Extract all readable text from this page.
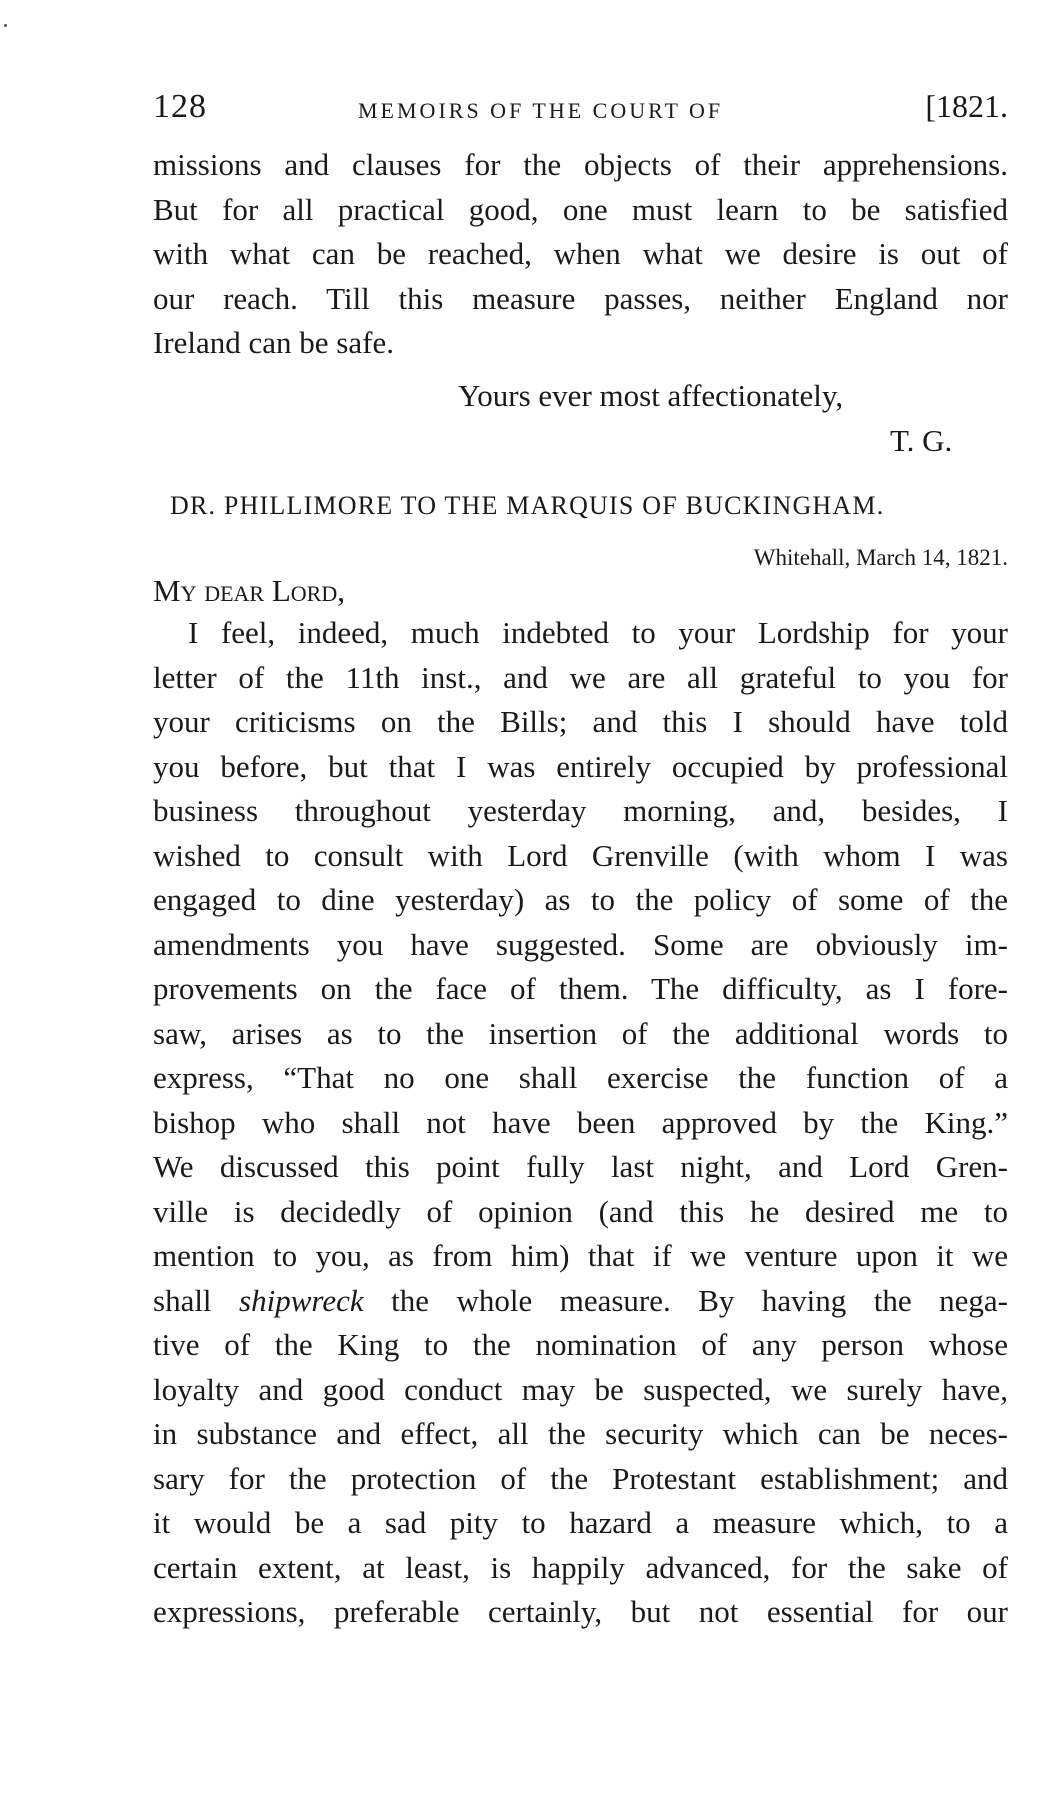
128	MEMOIRS OF THE COURT OF	[1821.
missions and clauses for the objects of their apprehensions.
But for all practical good, one must learn to be satisfied
with what can be reached, when what we desire is out of
our reach. Till this measure passes, neither England nor
Ireland can be safe.
Yours ever most affectionately,
T. G.
DR. PHILLIMORE TO THE MARQUIS OF BUCKINGHAM.
Whitehall, March 14, 1821.
My dear Lord,
I feel, indeed, much indebted to your Lordship for your
letter of the 11th inst., and we are all grateful to you for
your criticisms on the Bills; and this I should have told
you before, but that I was entirely occupied by professional
business throughout yesterday morning, and, besides, I
wished to consult with Lord Grenville (with whom I was
engaged to dine yesterday) as to the policy of some of the
amendments you have suggested. Some are obviously im-
provements on the face of them. The difficulty, as I fore-
saw, arises as to the insertion of the additional words to
express, “That no one shall exercise the function of a
bishop who shall not have been approved by the King.”
We discussed this point fully last night, and Lord Gren-
ville is decidedly of opinion (and this he desired me to
mention to you, as from him) that if we venture upon it we
shall shipwreck the whole measure. By having the nega-
tive of the King to the nomination of any person whose
loyalty and good conduct may be suspected, we surely have,
in substance and effect, all the security which can be neces-
sary for the protection of the Protestant establishment; and
it would be a sad pity to hazard a measure which, to a
certain extent, at least, is happily advanced, for the sake of
expressions, preferable certainly, but not essential for our
